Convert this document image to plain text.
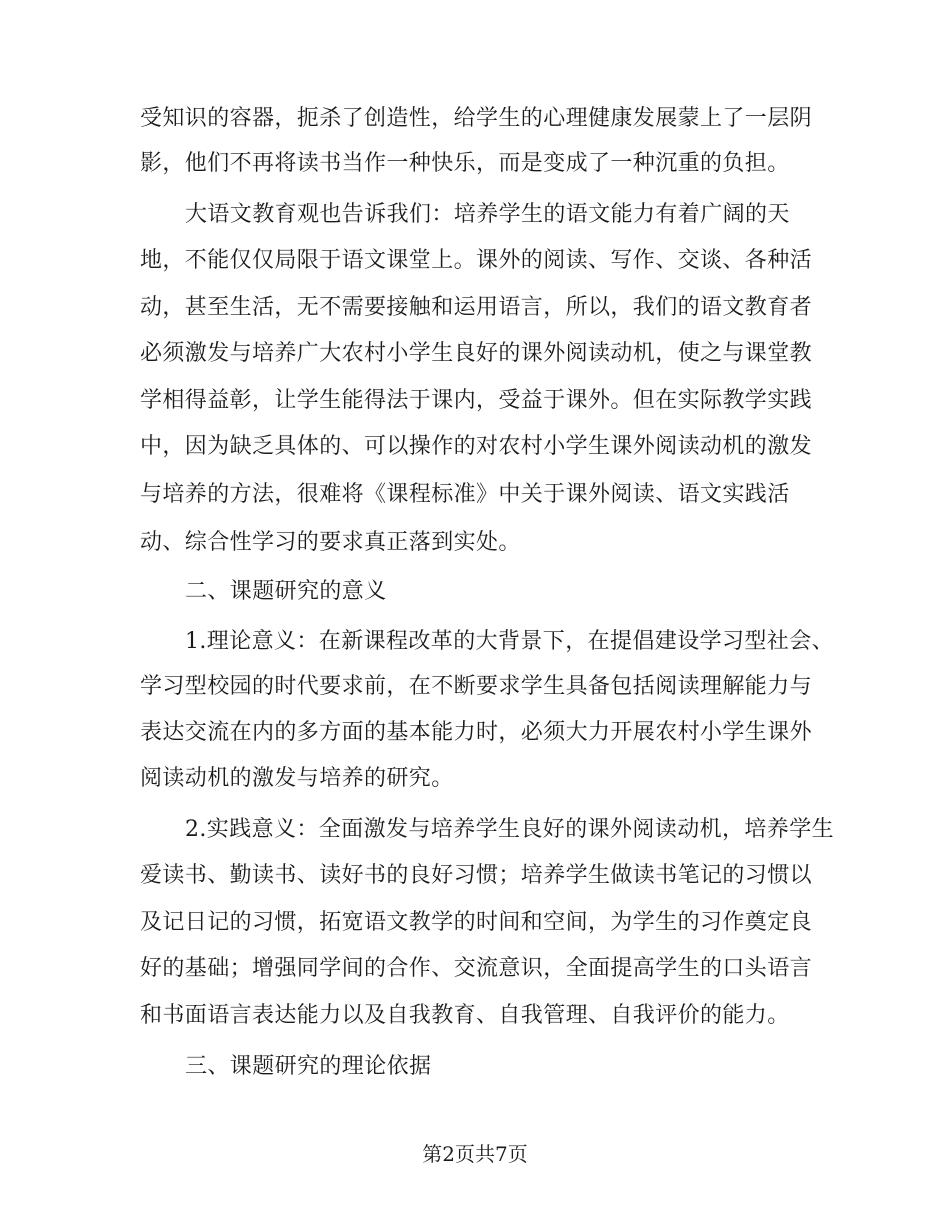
受知识的容器，扼杀了创造性，给学生的心理健康发展蒙上了一层阴
影，他们不再将读书当作一种快乐，而是变成了一种沉重的负担。
大语文教育观也告诉我们：培养学生的语文能力有着广阔的天
地，不能仅仅局限于语文课堂上。课外的阅读、写作、交谈、各种活
动，甚至生活，无不需要接触和运用语言，所以，我们的语文教育者
必须激发与培养广大农村小学生良好的课外阅读动机，使之与课堂教
学相得益彰，让学生能得法于课内，受益于课外。但在实际教学实践
中，因为缺乏具体的、可以操作的对农村小学生课外阅读动机的激发
与培养的方法，很难将《课程标准》中关于课外阅读、语文实践活
动、综合性学习的要求真正落到实处。
二、课题研究的意义
1.理论意义：在新课程改革的大背景下，在提倡建设学习型社会、
学习型校园的时代要求前，在不断要求学生具备包括阅读理解能力与
表达交流在内的多方面的基本能力时，必须大力开展农村小学生课外
阅读动机的激发与培养的研究。
2.实践意义：全面激发与培养学生良好的课外阅读动机，培养学生
爱读书、勤读书、读好书的良好习惯；培养学生做读书笔记的习惯以
及记日记的习惯，拓宽语文教学的时间和空间，为学生的习作奠定良
好的基础；增强同学间的合作、交流意识，全面提高学生的口头语言
和书面语言表达能力以及自我教育、自我管理、自我评价的能力。
三、课题研究的理论依据
第2页共7页
